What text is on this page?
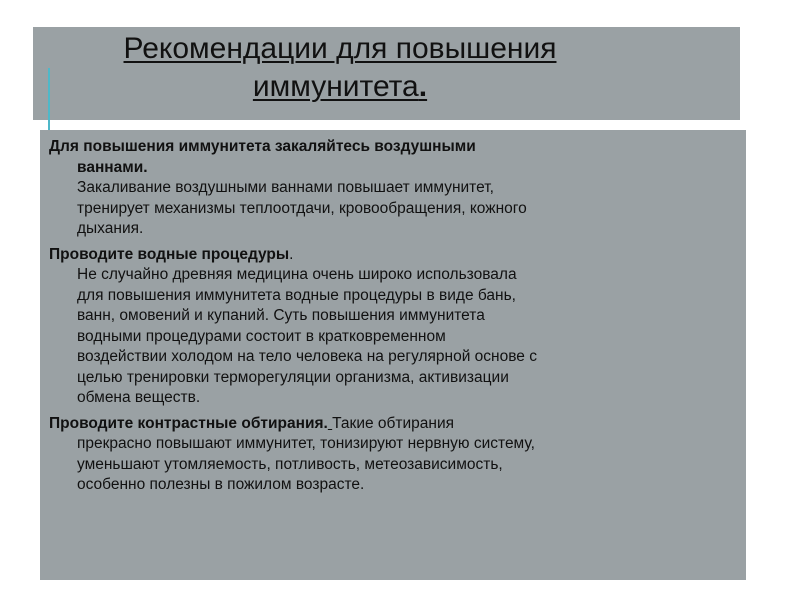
Рекомендации для повышения
иммунитета.
Для повышения иммунитета закаляйтесь воздушными
ваннами.
Закаливание воздушными ваннами повышает иммунитет,
тренирует механизмы теплоотдачи, кровообращения, кожного
дыхания.
Проводите водные процедуры.
Не случайно древняя медицина очень широко использовала
для повышения иммунитета водные процедуры в виде бань,
ванн, омовений и купаний. Суть повышения иммунитета
водными процедурами состоит в кратковременном
воздействии холодом на тело человека на регулярной основе с
целью тренировки терморегуляции организма, активизации
обмена веществ.
Проводите контрастные обтирания. Такие обтирания
прекрасно повышают иммунитет, тонизируют нервную систему,
уменьшают утомляемость, потливость, метеозависимость,
особенно полезны в пожилом возрасте.
